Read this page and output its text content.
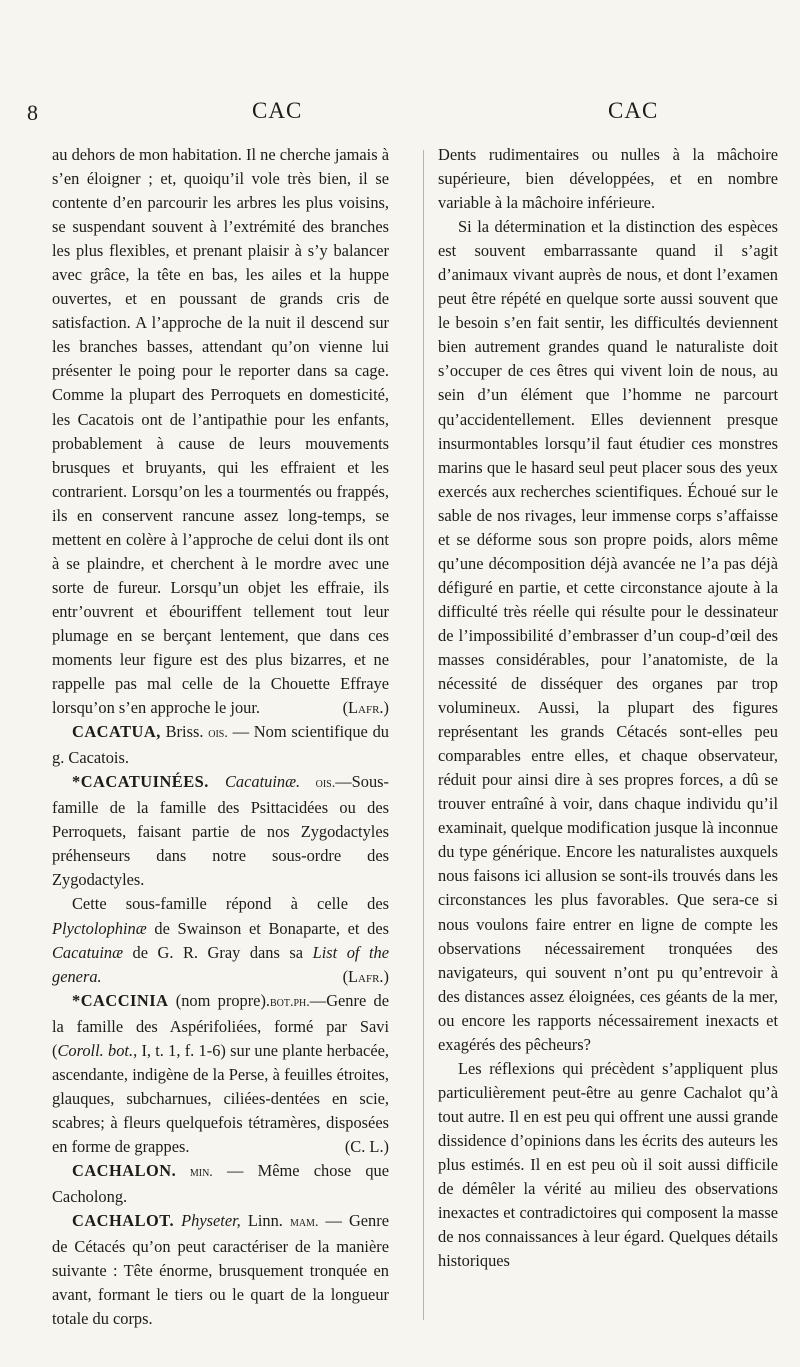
8	CAC	CAC

au dehors de mon habitation. Il ne cherche jamais à s’en éloigner ; et, quoiqu’il vole très bien, il se contente d’en parcourir les arbres les plus voisins, se suspendant souvent à l’extrémité des branches les plus flexibles, et prenant plaisir à s’y balancer avec grâce, la tête en bas, les ailes et la huppe ouvertes, et en poussant de grands cris de satisfaction. A l’approche de la nuit il descend sur les branches basses, attendant qu’on vienne lui présenter le poing pour le reporter dans sa cage. Comme la plupart des Perroquets en domesticité, les Cacatois ont de l’antipathie pour les enfants, probablement à cause de leurs mouvements brusques et bruyants, qui les effraient et les contrarient. Lorsqu’on les a tourmentés ou frappés, ils en conservent rancune assez long-temps, se mettent en colère à l’approche de celui dont ils ont à se plaindre, et cherchent à le mordre avec une sorte de fureur. Lorsqu’un objet les effraie, ils entr’ouvrent et ébouriffent tellement tout leur plumage en se berçant lentement, que dans ces moments leur figure est des plus bizarres, et ne rappelle pas mal celle de la Chouette Effraye lorsqu’on s’en approche le jour.	(Lafr.)

CACATUA, Briss. ois. — Nom scientifique du g. Cacatois.

*CACATUINÉES. Cacatuinæ. ois.—Sous-famille de la famille des Psittacidées ou des Perroquets, faisant partie de nos Zygodactyles préhenseurs dans notre sous-ordre des Zygodactyles.

Cette sous-famille répond à celle des Plyctolophinæ de Swainson et Bonaparte, et des Cacatuinæ de G. R. Gray dans sa List of the genera.	(Lafr.)

*CACCINIA (nom propre).bot.ph.—Genre de la famille des Aspérifoliées, formé par Savi (Coroll. bot., I, t. 1, f. 1-6) sur une plante herbacée, ascendante, indigène de la Perse, à feuilles étroites, glauques, subcharnues, ciliées-dentées en scie, scabres; à fleurs quelquefois tétramères, disposées en forme de grappes.	(C. L.)

CACHALON. min. — Même chose que Cacholong.

CACHALOT. Physeter, Linn. mam. — Genre de Cétacés qu’on peut caractériser de la manière suivante : Tête énorme, brusquement tronquée en avant, formant le tiers ou le quart de la longueur totale du corps.

Dents rudimentaires ou nulles à la mâchoire supérieure, bien développées, et en nombre variable à la mâchoire inférieure.

Si la détermination et la distinction des espèces est souvent embarrassante quand il s’agit d’animaux vivant auprès de nous, et dont l’examen peut être répété en quelque sorte aussi souvent que le besoin s’en fait sentir, les difficultés deviennent bien autrement grandes quand le naturaliste doit s’occuper de ces êtres qui vivent loin de nous, au sein d’un élément que l’homme ne parcourt qu’accidentellement. Elles deviennent presque insurmontables lorsqu’il faut étudier ces monstres marins que le hasard seul peut placer sous des yeux exercés aux recherches scientifiques. Échoué sur le sable de nos rivages, leur immense corps s’affaisse et se déforme sous son propre poids, alors même qu’une décomposition déjà avancée ne l’a pas déjà défiguré en partie, et cette circonstance ajoute à la difficulté très réelle qui résulte pour le dessinateur de l’impossibilité d’embrasser d’un coup-d’œil des masses considérables, pour l’anatomiste, de la nécessité de disséquer des organes par trop volumineux. Aussi, la plupart des figures représentant les grands Cétacés sont-elles peu comparables entre elles, et chaque observateur, réduit pour ainsi dire à ses propres forces, a dû se trouver entraîné à voir, dans chaque individu qu’il examinait, quelque modification jusque là inconnue du type générique. Encore les naturalistes auxquels nous faisons ici allusion se sont-ils trouvés dans les circonstances les plus favorables. Que sera-ce si nous voulons faire entrer en ligne de compte les observations nécessairement tronquées des navigateurs, qui souvent n’ont pu qu’entrevoir à des distances assez éloignées, ces géants de la mer, ou encore les rapports nécessairement inexacts et exagérés des pêcheurs?

Les réflexions qui précèdent s’appliquent plus particulièrement peut-être au genre Cachalot qu’à tout autre. Il en est peu qui offrent une aussi grande dissidence d’opinions dans les écrits des auteurs les plus estimés. Il en est peu où il soit aussi difficile de démêler la vérité au milieu des observations inexactes et contradictoires qui composent la masse de nos connaissances à leur égard. Quelques détails historiques
